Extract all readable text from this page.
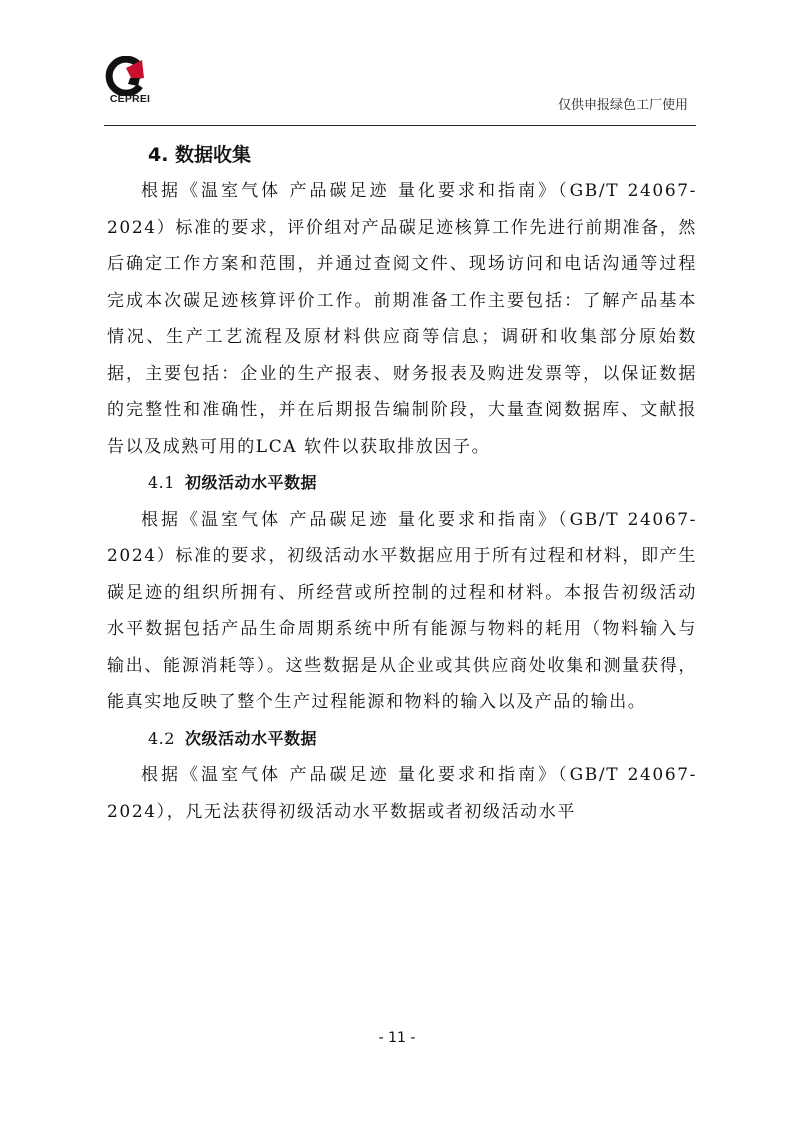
CEPREI	仅供申报绿色工厂使用
4. 数据收集

根据《温室气体 产品碳足迹 量化要求和指南》（GB/T 24067-2024）标准的要求，评价组对产品碳足迹核算工作先进行前期准备，然后确定工作方案和范围，并通过查阅文件、现场访问和电话沟通等过程完成本次碳足迹核算评价工作。前期准备工作主要包括：了解产品基本情况、生产工艺流程及原材料供应商等信息；调研和收集部分原始数据，主要包括：企业的生产报表、财务报表及购进发票等，以保证数据的完整性和准确性，并在后期报告编制阶段，大量查阅数据库、文献报告以及成熟可用的LCA 软件以获取排放因子。

4.1 初级活动水平数据

根据《温室气体 产品碳足迹 量化要求和指南》（GB/T 24067-2024）标准的要求，初级活动水平数据应用于所有过程和材料，即产生碳足迹的组织所拥有、所经营或所控制的过程和材料。本报告初级活动水平数据包括产品生命周期系统中所有能源与物料的耗用（物料输入与输出、能源消耗等）。这些数据是从企业或其供应商处收集和测量获得，能真实地反映了整个生产过程能源和物料的输入以及产品的输出。

4.2 次级活动水平数据

根据《温室气体 产品碳足迹 量化要求和指南》（GB/T 24067-2024），凡无法获得初级活动水平数据或者初级活动水平

- 11 -
